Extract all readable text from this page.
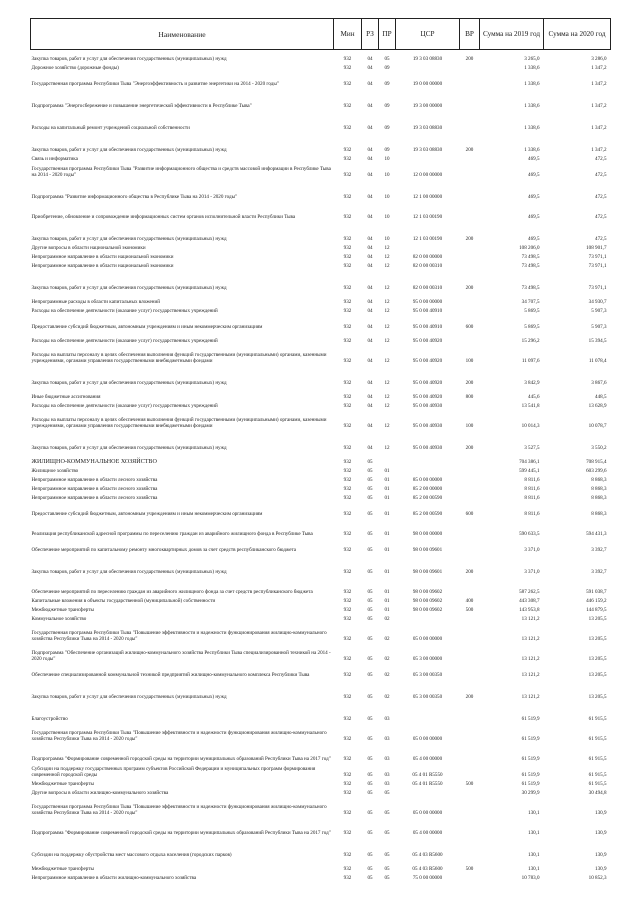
Наименование	Мин	РЗ	ПР	ЦСР	ВР	Сумма на 2019 год	Сумма на 2020 год
Закупка товаров, работ и услуг для обеспечения государственных (муниципальных) нужд	932	04	05	19 3 03 08830	200	3 265,0	3 286,0
Дорожное хозяйство (дорожные фонды)	932	04	09			1 338,6	1 347,2
Государственная программа Республики Тыва "Энергоэффективность и развитие энергетики на 2014 - 2020 годы"	932	04	09	19 0 00 00000		1 338,6	1 347,2
Подпрограмма "Энергосбережение и повышение энергетической эффективности в Республике Тыва"	932	04	09	19 3 00 00000		1 338,6	1 347,2
Расходы на капитальный ремонт учреждений социальной собственности	932	04	09	19 3 03 08830		1 338,6	1 347,2
Закупка товаров, работ и услуг для обеспечения государственных (муниципальных) нужд	932	04	09	19 3 03 08830	200	1 338,6	1 347,2
Связь и информатика	932	04	10			469,5	472,5
Государственная программа Республики Тыва "Развитие информационного общества и средств массовой информации в Республике Тыва на 2014 - 2020 годы"	932	04	10	12 0 00 00000		469,5	472,5
Подпрограмма "Развитие информационного общества в Республике Тыва на 2014 - 2020 годы"	932	04	10	12 1 00 00000		469,5	472,5
Приобретение, обновление и сопровождение информационных систем органов исполнительной власти Республики Тыва	932	04	10	12 1 03 00190		469,5	472,5
Закупка товаров, работ и услуг для обеспечения государственных (муниципальных) нужд	932	04	10	12 1 03 00190	200	469,5	472,5
Другие вопросы в области национальной экономики	932	04	12			108 206,0	108 901,7
Непрограммное направление в области национальной экономики	932	04	12	82 0 00 00000		73 498,5	73 971,1
Непрограммное направление в области национальной экономики	932	04	12	82 0 00 00310		73 498,5	73 971,1
Закупка товаров, работ и услуг для обеспечения государственных (муниципальных) нужд	932	04	12	82 0 00 00310	200	73 498,5	73 971,1
Непрограммные расходы в области капитальных вложений	932	04	12	95 0 00 00000		34 707,5	34 930,7
Расходы на обеспечение деятельности (оказание услуг) государственных учреждений	932	04	12	95 0 00 40910		5 869,5	5 907,3
Предоставление субсидий бюджетным, автономным учреждениям и иным некоммерческим организациям	932	04	12	95 0 00 40910	600	5 869,5	5 907,3
Расходы на обеспечение деятельности (оказание услуг) государственных учреждений	932	04	12	95 0 00 40920		15 296,2	15 394,5
Расходы на выплаты персоналу в целях обеспечения выполнения функций государственными (муниципальными) органами, казенными учреждениями, органами управления государственными внебюджетными фондами	932	04	12	95 0 00 40920	100	11 097,6	11 078,4
Закупка товаров, работ и услуг для обеспечения государственных (муниципальных) нужд	932	04	12	95 0 00 40920	200	3 842,9	3 867,6
Иные бюджетные ассигнования	932	04	12	95 0 00 40920	800	445,6	448,5
Расходы на обеспечение деятельности (оказание услуг) государственных учреждений	932	04	12	95 0 00 40930		13 541,8	13 628,9
Расходы на выплаты персоналу в целях обеспечения выполнения функций государственными (муниципальными) органами, казенными учреждениями, органами управления государственными внебюджетными фондами	932	04	12	95 0 00 40930	100	10 014,3	10 078,7
Закупка товаров, работ и услуг для обеспечения государственных (муниципальных) нужд	932	04	12	95 0 00 40930	200	3 527,5	3 550,2
ЖИЛИЩНО-КОММУНАЛЬНОЕ ХОЗЯЙСТВО	932	05				704 386,1	708 915,4
Жилищное хозяйство	932	05	01			599 445,1	603 299,6
Непрограммное направление в области лесного хозяйства	932	05	01	85 0 00 00000		8 811,6	8 868,3
Непрограммное направление в области лесного хозяйства	932	05	01	85 2 00 00000		8 811,6	8 868,3
Непрограммное направление в области лесного хозяйства	932	05	01	85 2 00 00590		8 811,6	8 868,3
Предоставление субсидий бюджетным, автономным учреждениям и иным некоммерческим организациям	932	05	01	85 2 00 00590	600	8 811,6	8 868,3
Реализация республиканской адресной программы по переселению граждан из аварийного жилищного фонда в Республике Тыва	932	05	01	98 0 00 00000		590 633,5	594 431,3
Обеспечение мероприятий по капитальному ремонту многоквартирных домов за счет средств республиканского бюджета	932	05	01	98 0 00 09601		3 371,0	3 392,7
Закупка товаров, работ и услуг для обеспечения государственных (муниципальных) нужд	932	05	01	98 0 00 09601	200	3 371,0	3 392,7
Обеспечение мероприятий по переселению граждан из аварийного жилищного фонда за счет средств республиканского бюджета	932	05	01	98 0 00 09602		587 262,5	591 038,7
Капитальные вложения в объекты государственной (муниципальной) собственности	932	05	01	98 0 00 09602	400	443 308,7	446 159,2
Межбюджетные трансферты	932	05	01	98 0 00 09602	500	143 953,8	144 879,5
Коммунальное хозяйство	932	05	02			13 121,2	13 205,5
Государственная программа Республики Тыва "Повышение эффективности и надежности функционирования жилищно-коммунального хозяйства Республики Тыва на 2014 - 2020 годы"	932	05	02	05 0 00 00000		13 121,2	13 205,5
Подпрограмма "Обеспечение организаций жилищно-коммунального хозяйства Республики Тыва специализированной техникой на 2014 - 2020 годы"	932	05	02	05 3 00 00000		13 121,2	13 205,5
Обеспечение специализированной коммунальной техникой предприятий жилищно-коммунального комплекса Республики Тыва	932	05	02	05 3 00 00350		13 121,2	13 205,5
Закупка товаров, работ и услуг для обеспечения государственных (муниципальных) нужд	932	05	02	05 3 00 00350	200	13 121,2	13 205,5
Благоустройство	932	05	03			61 519,9	61 915,5
Государственная программа Республики Тыва "Повышение эффективности и надежности функционирования жилищно-коммунального хозяйства Республики Тыва на 2014 - 2020 годы"	932	05	03	05 0 00 00000		61 519,9	61 915,5
Подпрограмма "Формирование современной городской среды на территории муниципальных образований Республики Тыва на 2017 год"	932	05	03	05 4 00 00000		61 519,9	61 915,5
Субсидии на поддержку государственных программ субъектов Российской Федерации и муниципальных программ формирования современной городской среды	932	05	03	05 4 01 R5550		61 519,9	61 915,5
Межбюджетные трансферты	932	05	03	05 4 01 R5550	500	61 519,9	61 915,5
Другие вопросы в области жилищно-коммунального хозяйства	932	05	05			30 299,9	30 494,8
Государственная программа Республики Тыва "Повышение эффективности и надежности функционирования жилищно-коммунального хозяйства Республики Тыва на 2014 - 2020 годы"	932	05	05	05 0 00 00000		130,1	130,9
Подпрограмма "Формирование современной городской среды на территории муниципальных образований Республики Тыва на 2017 год"	932	05	05	05 4 00 00000		130,1	130,9
Субсидии на поддержку обустройства мест массового отдыха населения (городских парков)	932	05	05	05 4 03 R5600		130,1	130,9
Межбюджетные трансферты	932	05	05	05 4 03 R5600	500	130,1	130,9
Непрограммное направление в области жилищно-коммунального хозяйства	932	05	05	75 0 00 00000		10 783,0	10 852,3
